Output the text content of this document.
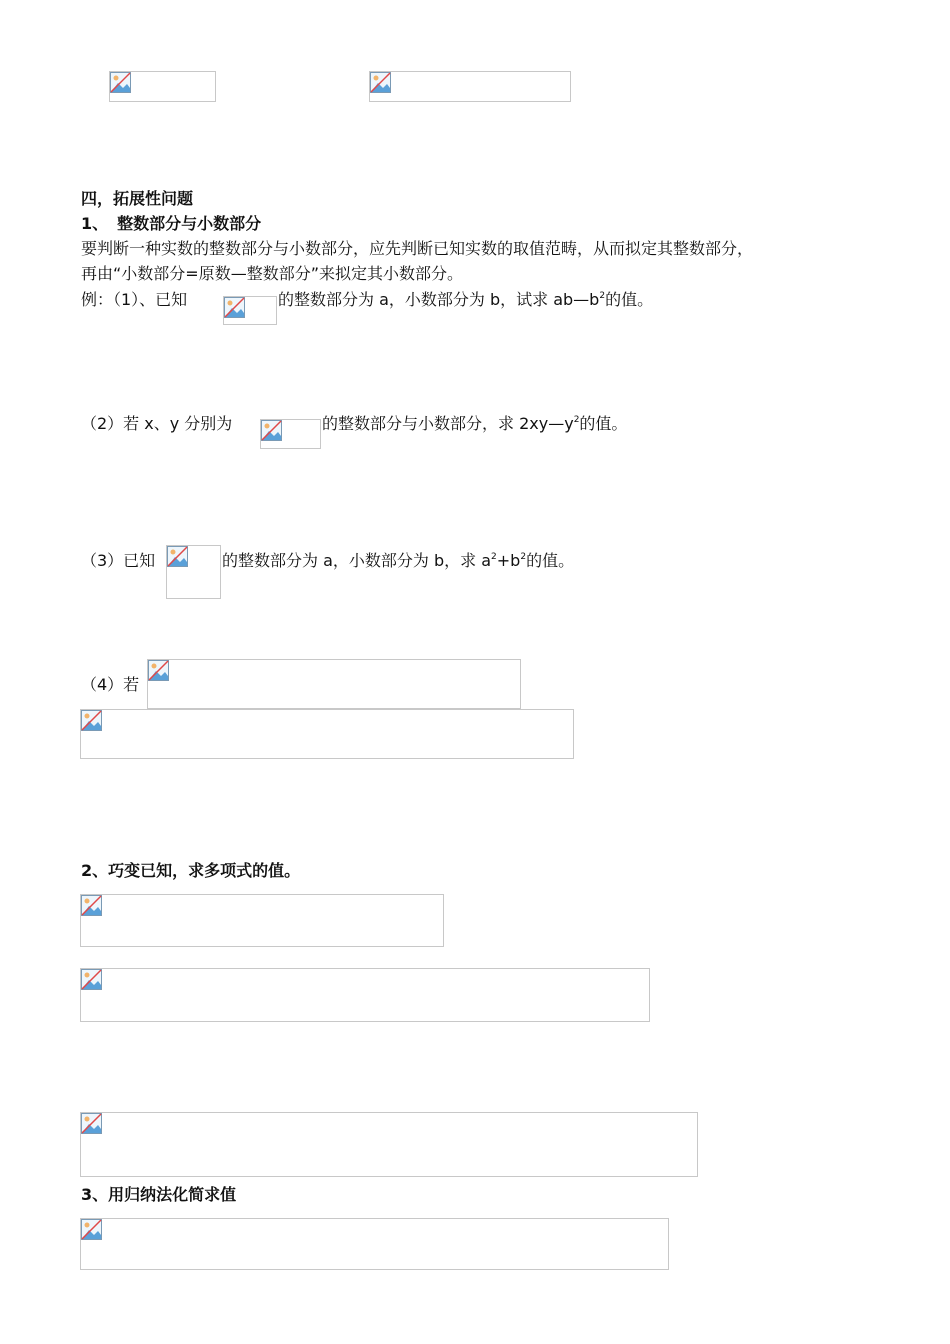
四，拓展性问题
1、 整数部分与小数部分
要判断一种实数的整数部分与小数部分，应先判断已知实数的取值范畴，从而拟定其整数部分，
再由“小数部分=原数—整数部分”来拟定其小数部分。
例：（1）、已知	的整数部分为 a，小数部分为 b，试求 $ab—b^2$的值。
（2）若 x、y 分别为	的整数部分与小数部分，求 $2xy—y^2$的值。
（3）已知	的整数部分为 a，小数部分为 b，求 $a^2+b^2$的值。
（4）若
2、巧变已知，求多项式的值。
3、用归纳法化简求值
